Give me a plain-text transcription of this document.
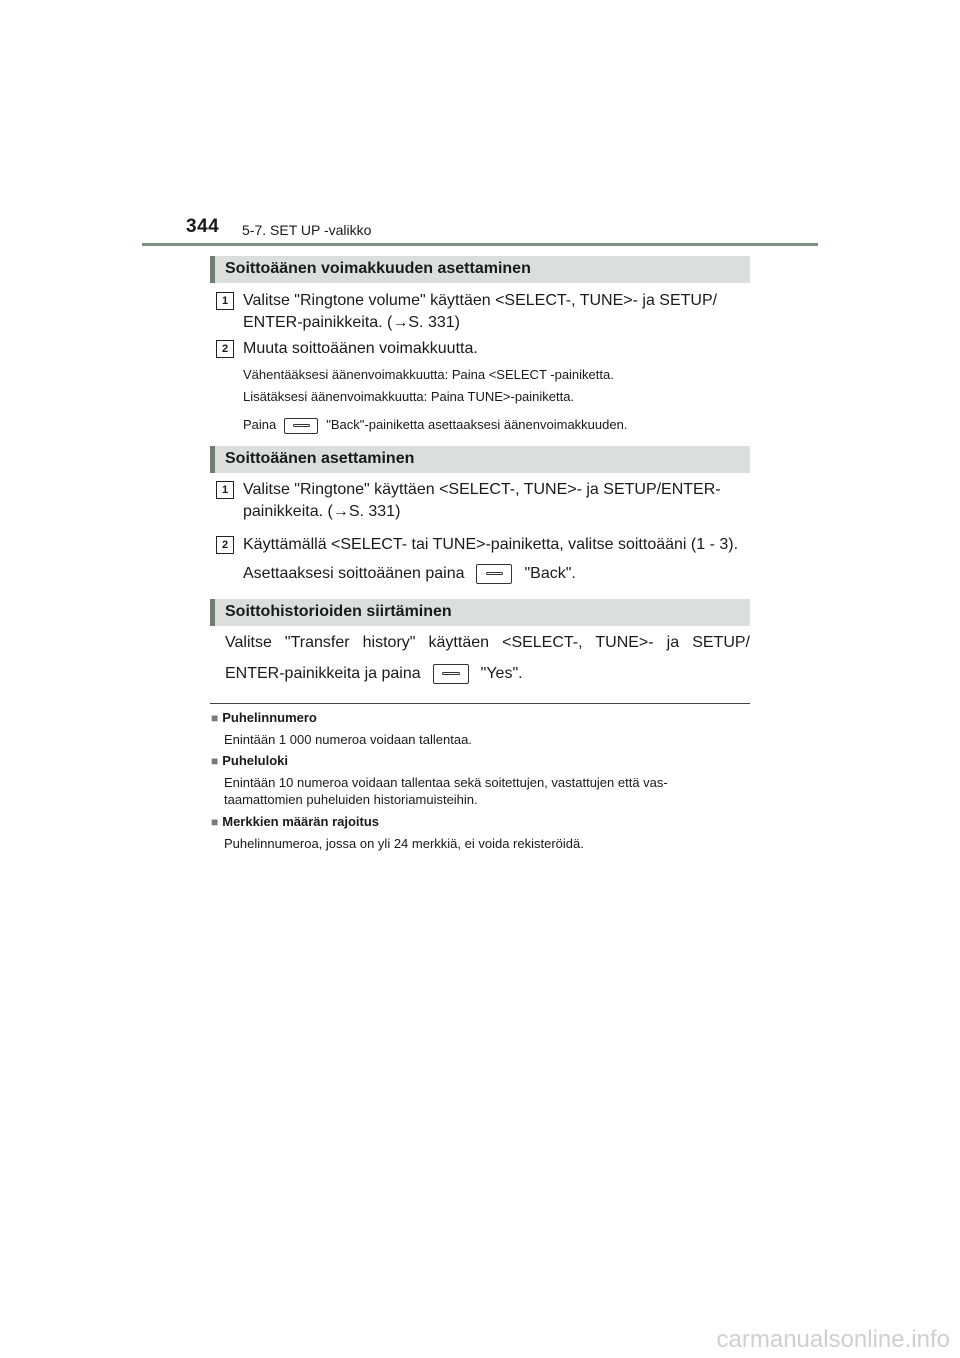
344 5-7. SET UP -valikko
Soittoäänen voimakkuuden asettaminen
1 Valitse "Ringtone volume" käyttäen <SELECT-, TUNE>- ja SETUP/
ENTER-painikkeita. (→S. 331)
2 Muuta soittoäänen voimakkuutta.
Vähentääksesi äänenvoimakkuutta: Paina <SELECT -painiketta.
Lisätäksesi äänenvoimakkuutta: Paina TUNE>-painiketta.
Paina	"Back"-painiketta asettaaksesi äänenvoimakkuuden.
Soittoäänen asettaminen
1 Valitse "Ringtone" käyttäen <SELECT-, TUNE>- ja SETUP/ENTER-
painikkeita. (→S. 331)
2 Käyttämällä <SELECT- tai TUNE>-painiketta, valitse soittoääni (1 - 3).
Asettaaksesi soittoäänen paina	"Back".
Soittohistorioiden siirtäminen
Valitse "Transfer history" käyttäen <SELECT-, TUNE>- ja SETUP/
ENTER-painikkeita ja paina	"Yes".
■ Puhelinnumero
Enintään 1 000 numeroa voidaan tallentaa.
■ Puheluloki
Enintään 10 numeroa voidaan tallentaa sekä soitettujen, vastattujen että vas-
taamattomien puheluiden historiamuisteihin.
■ Merkkien määrän rajoitus
Puhelinnumeroa, jossa on yli 24 merkkiä, ei voida rekisteröidä.
carmanualsonline.info
